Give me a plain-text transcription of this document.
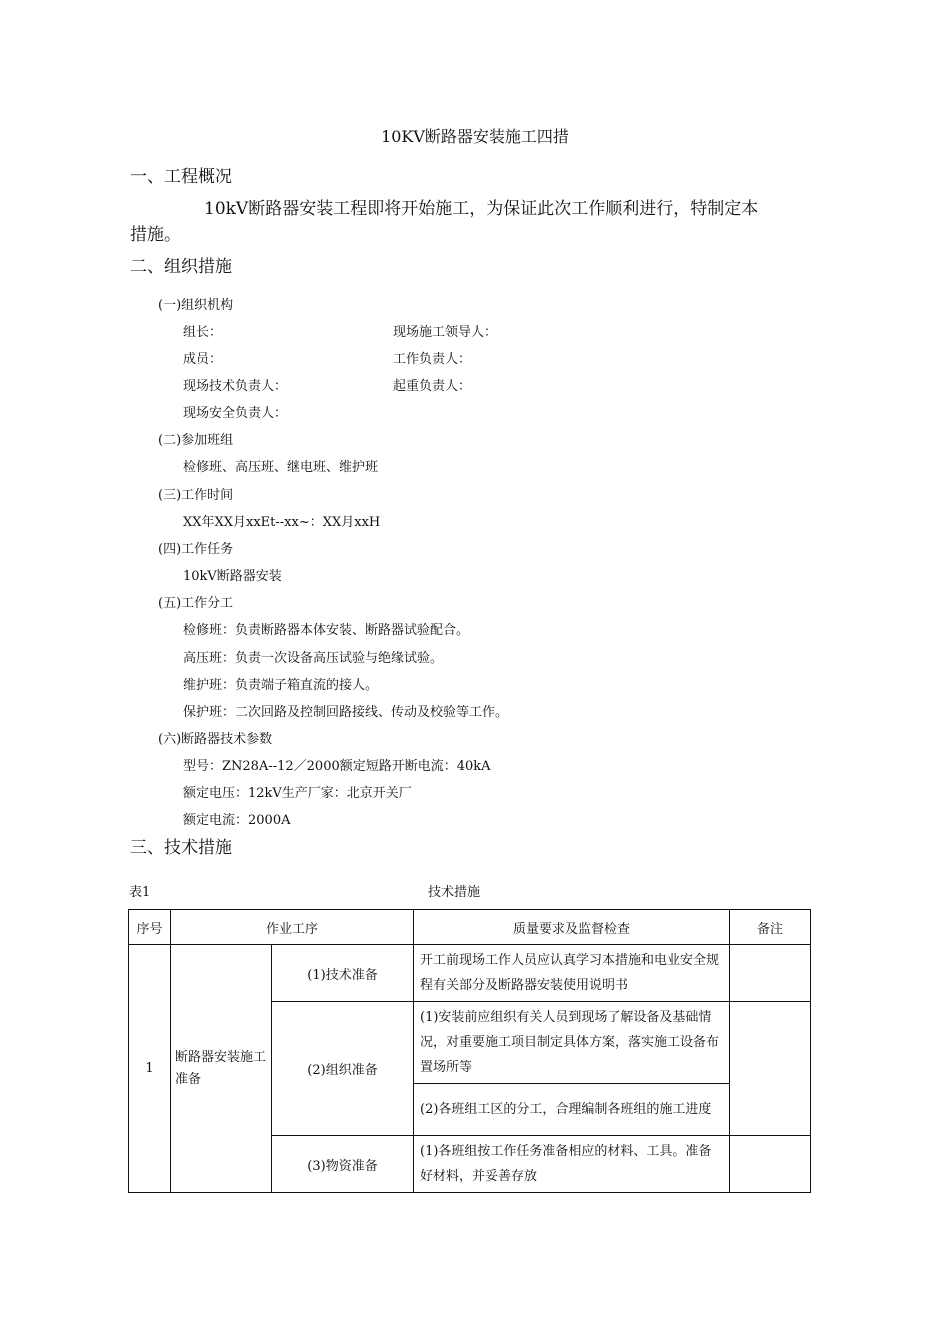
10KV断路器安装施工四措
一、工程概况
10kV断路器安装工程即将开始施工，为保证此次工作顺利进行，特制定本
措施。
二、组织措施
(一)组织机构
组长：	现场施工领导人：
成员：	工作负责人：
现场技术负责人：	起重负责人：
现场安全负责人：
(二)参加班组
检修班、高压班、继电班、维护班
(三)工作时间
XX年XX月xxEt--xx~：XX月xxH
(四)工作任务
10kV断路器安装
(五)工作分工
检修班：负责断路器本体安装、断路器试验配合。
高压班：负责一次设备高压试验与绝缘试验。
维护班：负责端子箱直流的接人。
保护班：二次回路及控制回路接线、传动及校验等工作。
(六)断路器技术参数
型号：ZN28A--12／2000额定短路开断电流：40kA
额定电压：12kV生产厂家：北京开关厂
额定电流：2000A
三、技术措施
表1	技术措施
序号	作业工序		质量要求及监督检查	备注
1	断路器安装施工准备	(1)技术准备	开工前现场工作人员应认真学习本措施和电业安全规程有关部分及断路器安装使用说明书	
		(2)组织准备	(1)安装前应组织有关人员到现场了解设备及基础情况，对重要施工项目制定具体方案，落实施工设备布置场所等	
			(2)各班组工区的分工，合理编制各班组的施工进度	
		(3)物资准备	(1)各班组按工作任务准备相应的材料、工具。准备好材料，并妥善存放	
